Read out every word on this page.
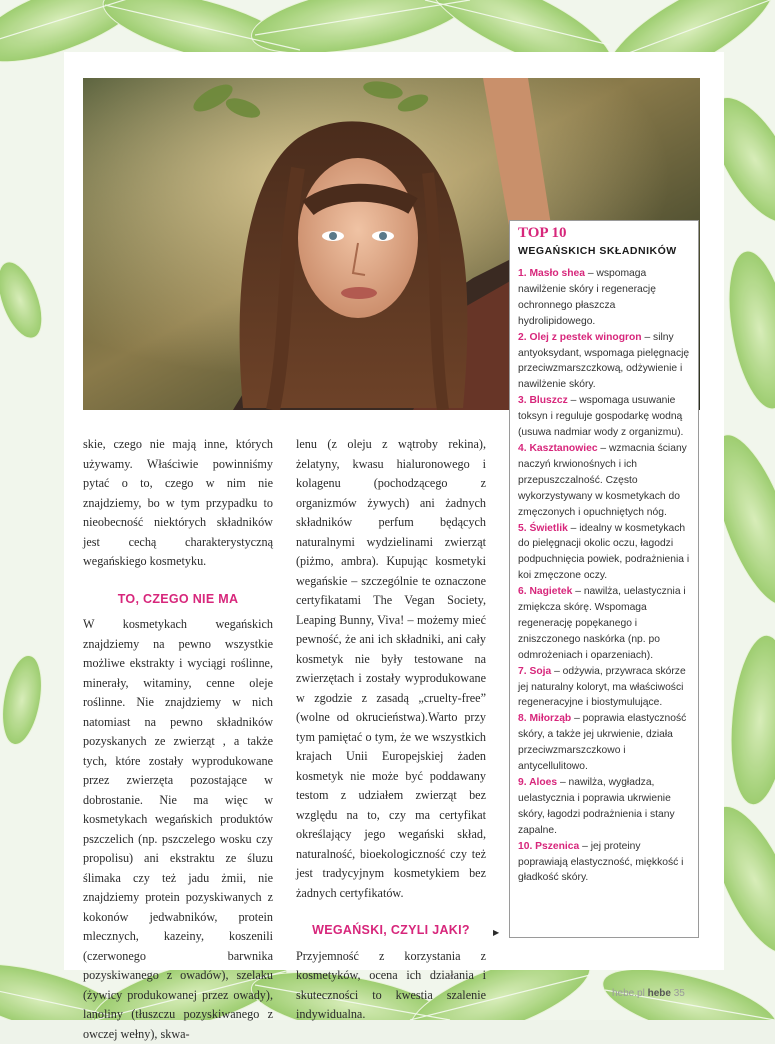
skie, czego nie mają inne, których używamy. Właściwie powinniśmy pytać o to, czego w nim nie znajdziemy, bo w tym przypadku to nieobecność niektórych składników jest cechą charakterystyczną wegańskiego kosmetyku.

TO, CZEGO NIE MA

W kosmetykach wegańskich znajdziemy na pewno wszystkie możliwe ekstrakty i wyciągi roślinne, minerały, witaminy, cenne oleje roślinne. Nie znajdziemy w nich natomiast na pewno składników pozyskanych ze zwierząt , a także tych, które zostały wyprodukowane przez zwierzęta pozostające w dobrostanie. Nie ma więc w kosmetykach wegańskich produktów pszczelich (np. pszczelego wosku czy propolisu) ani ekstraktu ze śluzu ślimaka czy też jadu żmii, nie znajdziemy protein pozyskiwanych z kokonów jedwabników, protein mlecznych, kazeiny, koszenili (czerwonego barwnika pozyskiwanego z owadów), szelaku (żywicy produkowanej przez owady), lanoliny (tłuszczu pozyskiwanego z owczej wełny), skwa-

lenu (z oleju z wątroby rekina), żelatyny, kwasu hialuronowego i kolagenu (pochodzącego z organizmów żywych) ani żadnych składników perfum będących naturalnymi wydzielinami zwierząt (piżmo, ambra). Kupując kosmetyki wegańskie – szczególnie te oznaczone certyfikatami The Vegan Society, Leaping Bunny, Viva! – możemy mieć pewność, że ani ich składniki, ani cały kosmetyk nie były testowane na zwierzętach i zostały wyprodukowane w zgodzie z zasadą „cruelty-free” (wolne od okrucieństwa).Warto przy tym pamiętać o tym, że we wszystkich krajach Unii Europejskiej żaden kosmetyk nie może być poddawany testom z udziałem zwierząt bez względu na to, czy ma certyfikat określający jego wegański skład, naturalność, bioekologiczność czy też jest tradycyjnym kosmetykiem bez żadnych certyfikatów.

WEGAŃSKI, CZYLI JAKI?

Przyjemność z korzystania z kosmetyków, ocena ich działania i skuteczności to kwestia szalenie indywidualna.

▶
TOP 10
WEGAŃSKICH SKŁADNIKÓW
1. Masło shea – wspomaga nawilżenie skóry i regenerację ochronnego płaszcza hydrolipidowego.
2. Olej z pestek winogron – silny antyoksydant, wspomaga pielęgnację przeciwzmarszczkową, odżywienie i nawilżenie skóry.
3. Bluszcz – wspomaga usuwanie toksyn i reguluje gospodarkę wodną (usuwa nadmiar wody z organizmu).
4. Kasztanowiec – wzmacnia ściany naczyń krwionośnych i ich przepuszczalność. Często wykorzystywany w kosmetykach do zmęczonych i opuchniętych nóg.
5. Świetlik – idealny w kosmetykach do pielęgnacji okolic oczu, łagodzi podpuchnięcia powiek, podrażnienia i koi zmęczone oczy.
6. Nagietek – nawilża, uelastycznia i zmiękcza skórę. Wspomaga regenerację popękanego i zniszczonego naskórka (np. po odmrożeniach i oparzeniach).
7. Soja – odżywia, przywraca skórze jej naturalny koloryt, ma właściwości regeneracyjne i biostymulujące.
8. Miłorząb – poprawia elastyczność skóry, a także jej ukrwienie, działa przeciwzmarszczkowo i antycellulitowo.
9. Aloes – nawilża, wygładza, uelastycznia i poprawia ukrwienie skóry, łagodzi podrażnienia i stany zapalne.
10. Pszenica – jej proteiny poprawiają elastyczność, miękkość i gładkość skóry.
hebe.pl hebe 35
